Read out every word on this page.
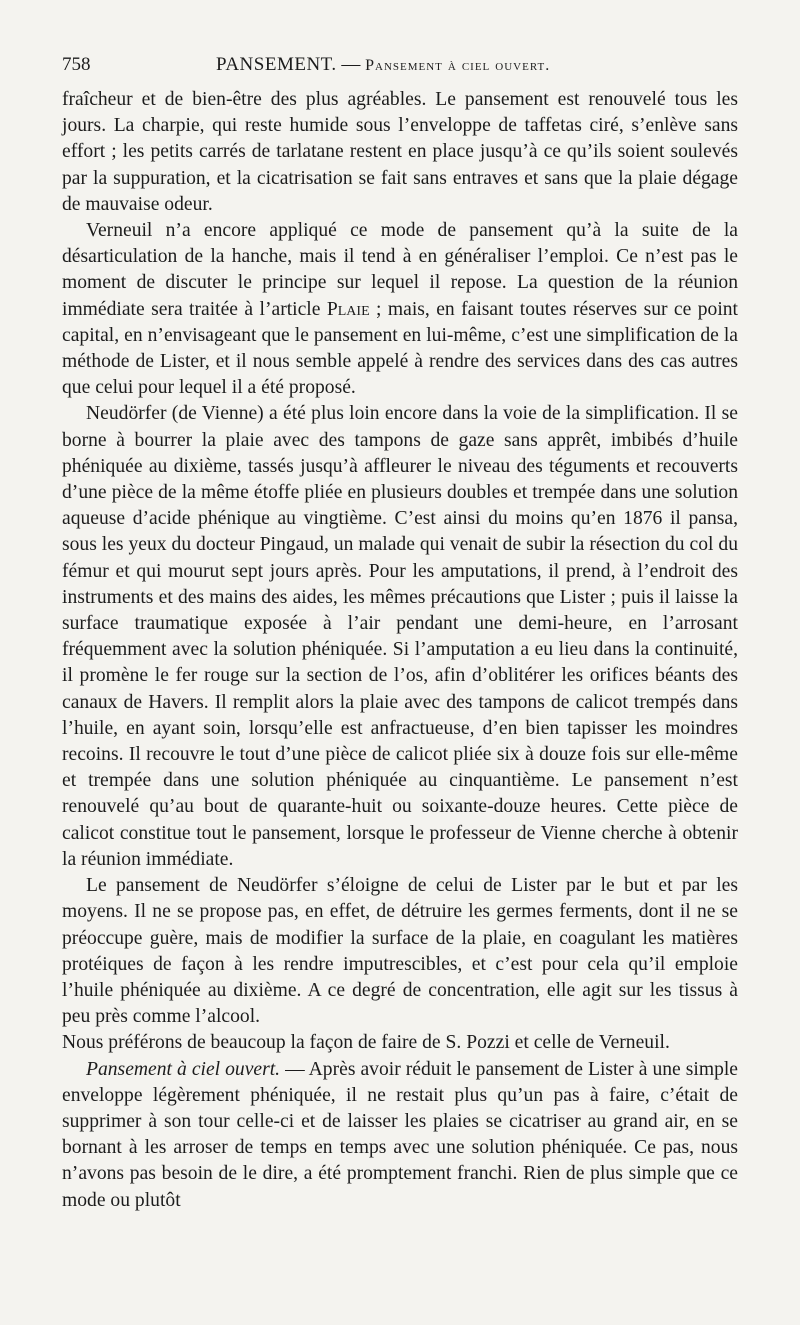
758	PANSEMENT. — Pansement à ciel ouvert.

fraîcheur et de bien-être des plus agréables. Le pansement est renouvelé tous les jours. La charpie, qui reste humide sous l’enveloppe de taffetas ciré, s’enlève sans effort ; les petits carrés de tarlatane restent en place jusqu’à ce qu’ils soient soulevés par la suppuration, et la cicatrisation se fait sans entraves et sans que la plaie dégage de mauvaise odeur.

Verneuil n’a encore appliqué ce mode de pansement qu’à la suite de la désarticulation de la hanche, mais il tend à en généraliser l’emploi. Ce n’est pas le moment de discuter le principe sur lequel il repose. La question de la réunion immédiate sera traitée à l’article Plaie ; mais, en faisant toutes réserves sur ce point capital, en n’envisageant que le pansement en lui-même, c’est une simplification de la méthode de Lister, et il nous semble appelé à rendre des services dans des cas autres que celui pour lequel il a été proposé.

Neudörfer (de Vienne) a été plus loin encore dans la voie de la simplification. Il se borne à bourrer la plaie avec des tampons de gaze sans apprêt, imbibés d’huile phéniquée au dixième, tassés jusqu’à affleurer le niveau des téguments et recouverts d’une pièce de la même étoffe pliée en plusieurs doubles et trempée dans une solution aqueuse d’acide phénique au vingtième. C’est ainsi du moins qu’en 1876 il pansa, sous les yeux du docteur Pingaud, un malade qui venait de subir la résection du col du fémur et qui mourut sept jours après. Pour les amputations, il prend, à l’endroit des instruments et des mains des aides, les mêmes précautions que Lister ; puis il laisse la surface traumatique exposée à l’air pendant une demi-heure, en l’arrosant fréquemment avec la solution phéniquée. Si l’amputation a eu lieu dans la continuité, il promène le fer rouge sur la section de l’os, afin d’oblitérer les orifices béants des canaux de Havers. Il remplit alors la plaie avec des tampons de calicot trempés dans l’huile, en ayant soin, lorsqu’elle est anfractueuse, d’en bien tapisser les moindres recoins. Il recouvre le tout d’une pièce de calicot pliée six à douze fois sur elle-même et trempée dans une solution phéniquée au cinquantième. Le pansement n’est renouvelé qu’au bout de quarante-huit ou soixante-douze heures. Cette pièce de calicot constitue tout le pansement, lorsque le professeur de Vienne cherche à obtenir la réunion immédiate.

Le pansement de Neudörfer s’éloigne de celui de Lister par le but et par les moyens. Il ne se propose pas, en effet, de détruire les germes ferments, dont il ne se préoccupe guère, mais de modifier la surface de la plaie, en coagulant les matières protéiques de façon à les rendre imputrescibles, et c’est pour cela qu’il emploie l’huile phéniquée au dixième. A ce degré de concentration, elle agit sur les tissus à peu près comme l’alcool.

Nous préférons de beaucoup la façon de faire de S. Pozzi et celle de Verneuil.

Pansement à ciel ouvert. — Après avoir réduit le pansement de Lister à une simple enveloppe légèrement phéniquée, il ne restait plus qu’un pas à faire, c’était de supprimer à son tour celle-ci et de laisser les plaies se cicatriser au grand air, en se bornant à les arroser de temps en temps avec une solution phéniquée. Ce pas, nous n’avons pas besoin de le dire, a été promptement franchi. Rien de plus simple que ce mode ou plutôt
